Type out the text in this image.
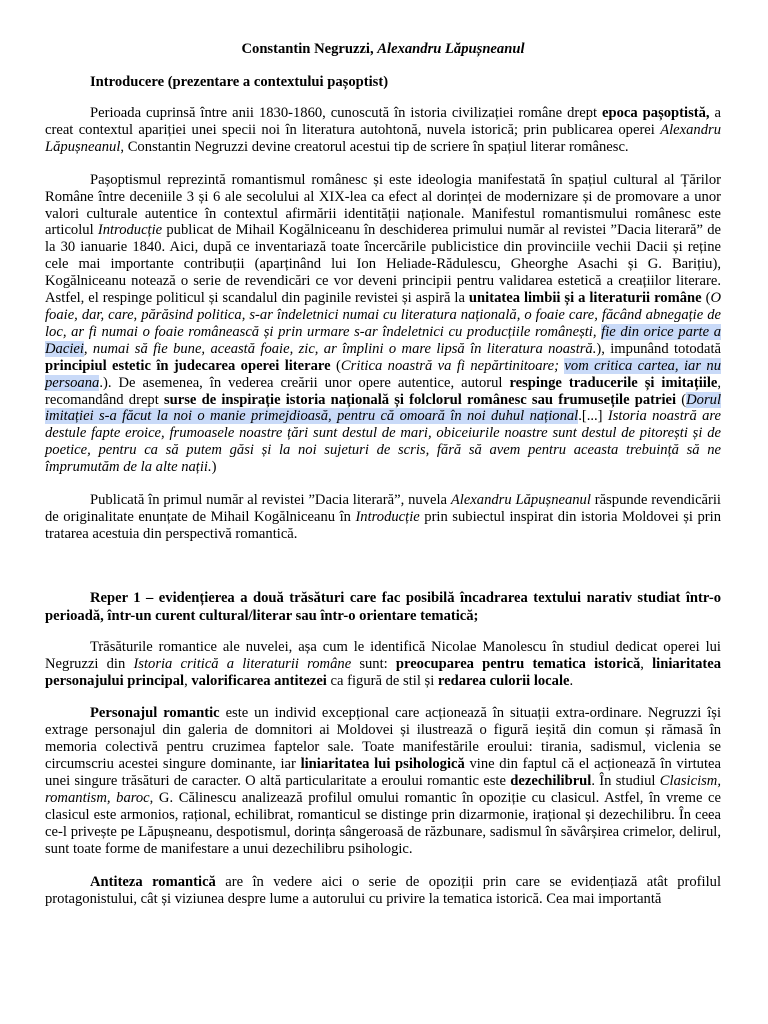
Constantin Negruzzi, Alexandru Lăpușneanul
Introducere (prezentare a contextului pașoptist)

Perioada cuprinsă între anii 1830-1860, cunoscută în istoria civilizației române drept epoca pașoptistă, a creat contextul apariției unei specii noi în literatura autohtonă, nuvela istorică; prin publicarea operei Alexandru Lăpușneanul, Constantin Negruzzi devine creatorul acestui tip de scriere în spațiul literar românesc.

Pașoptismul reprezintă romantismul românesc și este ideologia manifestată în spațiul cultural al Țărilor Române între deceniile 3 și 6 ale secolului al XIX-lea ca efect al dorinței de modernizare și de promovare a unor valori culturale autentice în contextul afirmării identității naționale. Manifestul romantismului românesc este articolul Introducție publicat de Mihail Kogălniceanu în deschiderea primului număr al revistei ”Dacia literară” de la 30 ianuarie 1840. Aici, după ce inventariază toate încercările publicistice din provinciile vechii Dacii și reține cele mai importante contribuții (aparținând lui Ion Heliade-Rădulescu, Gheorghe Asachi și G. Barițiu), Kogălniceanu notează o serie de revendicări ce vor deveni principii pentru validarea estetică a creațiilor literare. Astfel, el respinge politicul și scandalul din paginile revistei și aspiră la unitatea limbii și a literaturii române (O foaie, dar, care, părăsind politica, s-ar îndeletnici numai cu literatura națională, o foaie care, făcând abnegație de loc, ar fi numai o foaie românească și prin urmare s-ar îndeletnici cu producțiile românești, fie din orice parte a Daciei, numai să fie bune, această foaie, zic, ar împlini o mare lipsă în literatura noastră.), impunând totodată principiul estetic în judecarea operei literare (Critica noastră va fi nepărtinitoare; vom critica cartea, iar nu persoana.). De asemenea, în vederea creării unor opere autentice, autorul respinge traducerile și imitațiile, recomandând drept surse de inspirație istoria națională și folclorul românesc sau frumusețile patriei (Dorul imitației s-a făcut la noi o manie primejdioasă, pentru că omoară în noi duhul național.[...] Istoria noastră are destule fapte eroice, frumoasele noastre țări sunt destul de mari, obiceiurile noastre sunt destul de pitorești și de poetice, pentru ca să putem găsi și la noi sujeturi de scris, fără să avem pentru aceasta trebuință să ne împrumutăm de la alte nații.)

Publicată în primul număr al revistei ”Dacia literară”, nuvela Alexandru Lăpușneanul răspunde revendicării de originalitate enunțate de Mihail Kogălniceanu în Introducție prin subiectul inspirat din istoria Moldovei și prin tratarea acestuia din perspectivă romantică.

Reper 1 – evidențierea a două trăsături care fac posibilă încadrarea textului narativ studiat într-o perioadă, într-un curent cultural/literar sau într-o orientare tematică;

Trăsăturile romantice ale nuvelei, așa cum le identifică Nicolae Manolescu în studiul dedicat operei lui Negruzzi din Istoria critică a literaturii române sunt: preocuparea pentru tematica istorică, liniaritatea personajului principal, valorificarea antitezei ca figură de stil și redarea culorii locale.

Personajul romantic este un individ excepțional care acționează în situații extra-ordinare. Negruzzi își extrage personajul din galeria de domnitori ai Moldovei și ilustrează o figură ieșită din comun și rămasă în memoria colectivă pentru cruzimea faptelor sale. Toate manifestările eroului: tirania, sadismul, viclenia se circumscriu acestei singure dominante, iar liniaritatea lui psihologică vine din faptul că el acționează în virtutea unei singure trăsături de caracter. O altă particularitate a eroului romantic este dezechilibrul. În studiul Clasicism, romantism, baroc, G. Călinescu analizează profilul omului romantic în opoziție cu clasicul. Astfel, în vreme ce clasicul este armonios, rațional, echilibrat, romanticul se distinge prin dizarmonie, irațional și dezechilibru. În ceea ce-l privește pe Lăpușneanu, despotismul, dorința sângeroasă de răzbunare, sadismul în săvârșirea crimelor, delirul, sunt toate forme de manifestare a unui dezechilibru psihologic.

Antiteza romantică are în vedere aici o serie de opoziții prin care se evidențiază atât profilul protagonistului, cât și viziunea despre lume a autorului cu privire la tematica istorică. Cea mai importantă
